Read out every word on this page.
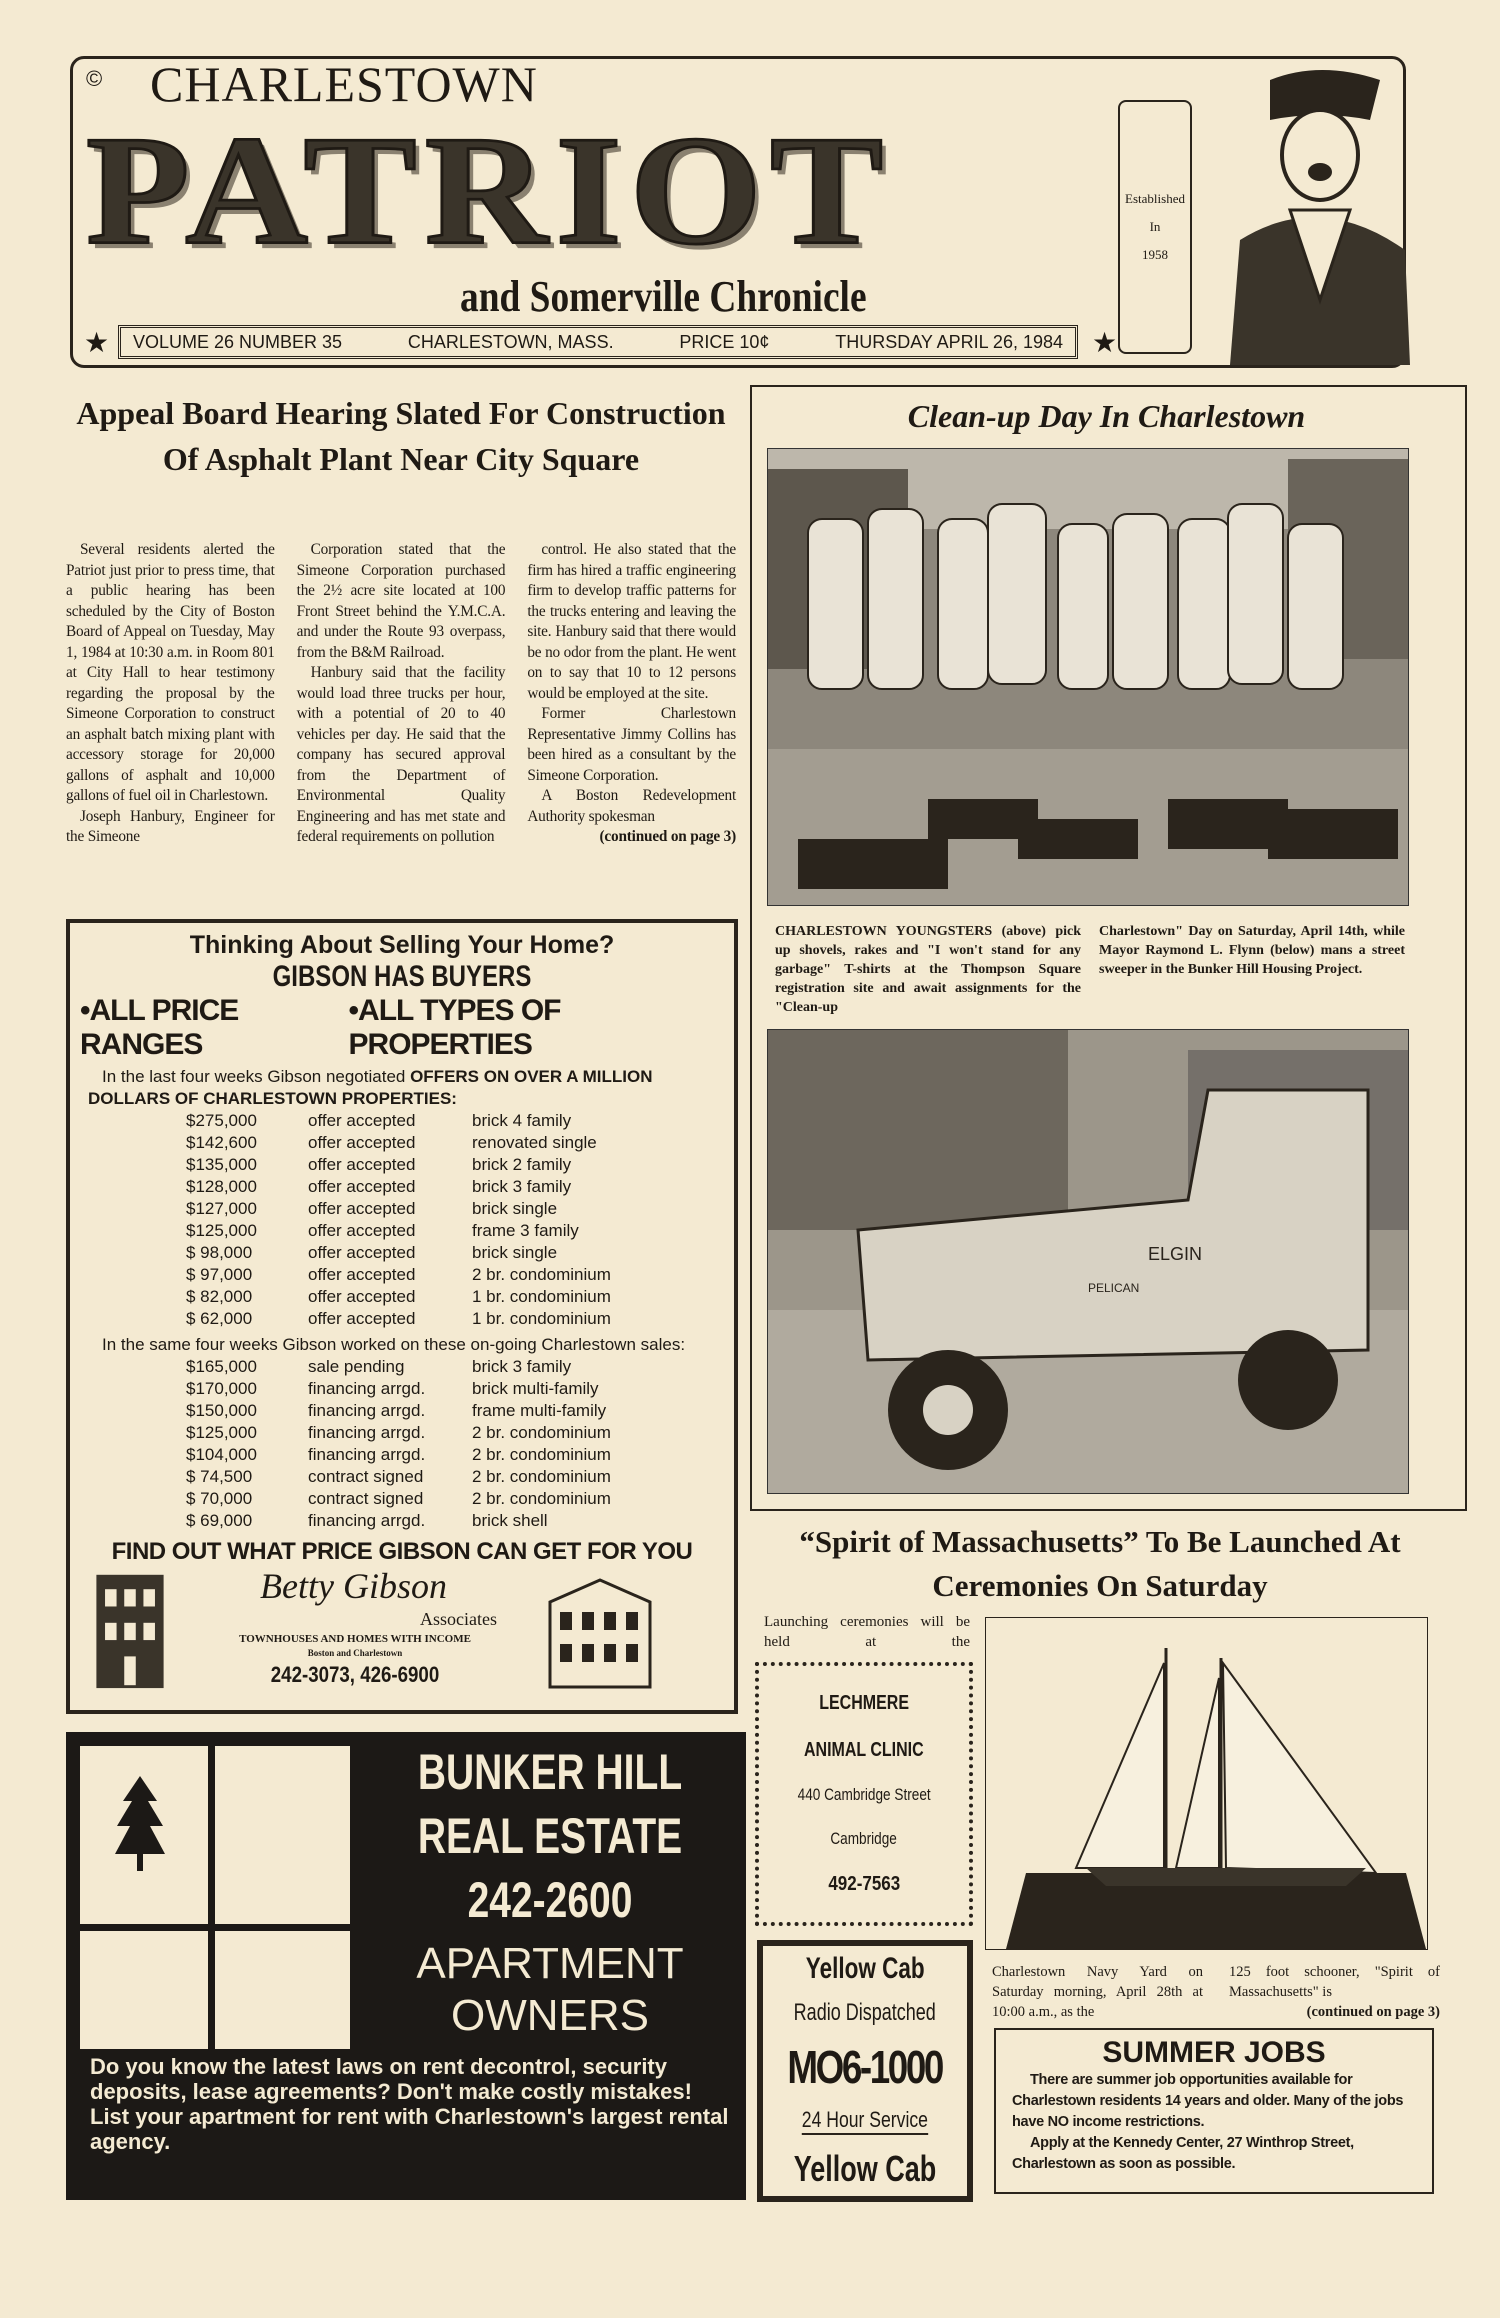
© CHARLESTOWN
PATRIOT
and Somerville Chronicle
★ VOLUME 26 NUMBER 35	CHARLESTOWN, MASS.	PRICE 10¢	THURSDAY APRIL 26, 1984 ★
Established
In
1958
Appeal Board Hearing Slated For Construction Of Asphalt Plant Near City Square

Several residents alerted the Patriot just prior to press time, that a public hearing has been scheduled by the City of Boston Board of Appeal on Tuesday, May 1, 1984 at 10:30 a.m. in Room 801 at City Hall to hear testimony regarding the proposal by the Simeone Corporation to construct an asphalt batch mixing plant with accessory storage for 20,000 gallons of asphalt and 10,000 gallons of fuel oil in Charlestown.

Joseph Hanbury, Engineer for the Simeone

Corporation stated that the Simeone Corporation purchased the 2½ acre site located at 100 Front Street behind the Y.M.C.A. and under the Route 93 overpass, from the B&M Railroad.

Hanbury said that the facility would load three trucks per hour, with a potential of 20 to 40 vehicles per day. He said that the company has secured approval from the Department of Environmental Quality Engineering and has met state and federal requirements on pollution

control. He also stated that the firm has hired a traffic engineering firm to develop traffic patterns for the trucks entering and leaving the site. Hanbury said that there would be no odor from the plant. He went on to say that 10 to 12 persons would be employed at the site.

Former Charlestown Representative Jimmy Collins has been hired as a consultant by the Simeone Corporation.

A Boston Redevelopment Authority spokesman

(continued on page 3)
Clean-up Day In Charlestown
CHARLESTOWN YOUNGSTERS (above) pick up shovels, rakes and "I won't stand for any garbage" T-shirts at the Thompson Square registration site and await assignments for the "Clean-up
Charlestown" Day on Saturday, April 14th, while Mayor Raymond L. Flynn (below) mans a street sweeper in the Bunker Hill Housing Project.
ELGIN
PELICAN
Thinking About Selling Your Home?
GIBSON HAS BUYERS
•ALL PRICE RANGES
•ALL TYPES OF PROPERTIES
In the last four weeks Gibson negotiated OFFERS ON OVER A MILLION DOLLARS OF CHARLESTOWN PROPERTIES:
$275,000	offer accepted	brick 4 family
$142,600	offer accepted	renovated single
$135,000	offer accepted	brick 2 family
$128,000	offer accepted	brick 3 family
$127,000	offer accepted	brick single
$125,000	offer accepted	frame 3 family
$ 98,000	offer accepted	brick single
$ 97,000	offer accepted	2 br. condominium
$ 82,000	offer accepted	1 br. condominium
$ 62,000	offer accepted	1 br. condominium
In the same four weeks Gibson worked on these on-going Charlestown sales:
$165,000	sale pending	brick 3 family
$170,000	financing arrgd.	brick multi-family
$150,000	financing arrgd.	frame multi-family
$125,000	financing arrgd.	2 br. condominium
$104,000	financing arrgd.	2 br. condominium
$ 74,500	contract signed	2 br. condominium
$ 70,000	contract signed	2 br. condominium
$ 69,000	financing arrgd.	brick shell
FIND OUT WHAT PRICE GIBSON CAN GET FOR YOU
Betty Gibson
Associates
TOWNHOUSES AND HOMES WITH INCOME
Boston and Charlestown
242-3073, 426-6900
BUNKER HILL
REAL ESTATE
242-2600
APARTMENT
OWNERS
Do you know the latest laws on rent decontrol, security deposits, lease agreements? Don't make costly mistakes!
List your apartment for rent with Charlestown's largest rental agency.
“Spirit of Massachusetts” To Be Launched At Ceremonies On Saturday
Launching ceremonies will be held at the
LECHMERE
ANIMAL CLINIC
440 Cambridge Street
Cambridge
492-7563
Charlestown Navy Yard on Saturday morning, April 28th at 10:00 a.m., as the
125 foot schooner, "Spirit of Massachusetts" is
(continued on page 3)
Yellow Cab
Radio Dispatched
MO6-1000
24 Hour Service
Yellow Cab
SUMMER JOBS
There are summer job opportunities available for Charlestown residents 14 years and older. Many of the jobs have NO income restrictions.
Apply at the Kennedy Center, 27 Winthrop Street, Charlestown as soon as possible.
